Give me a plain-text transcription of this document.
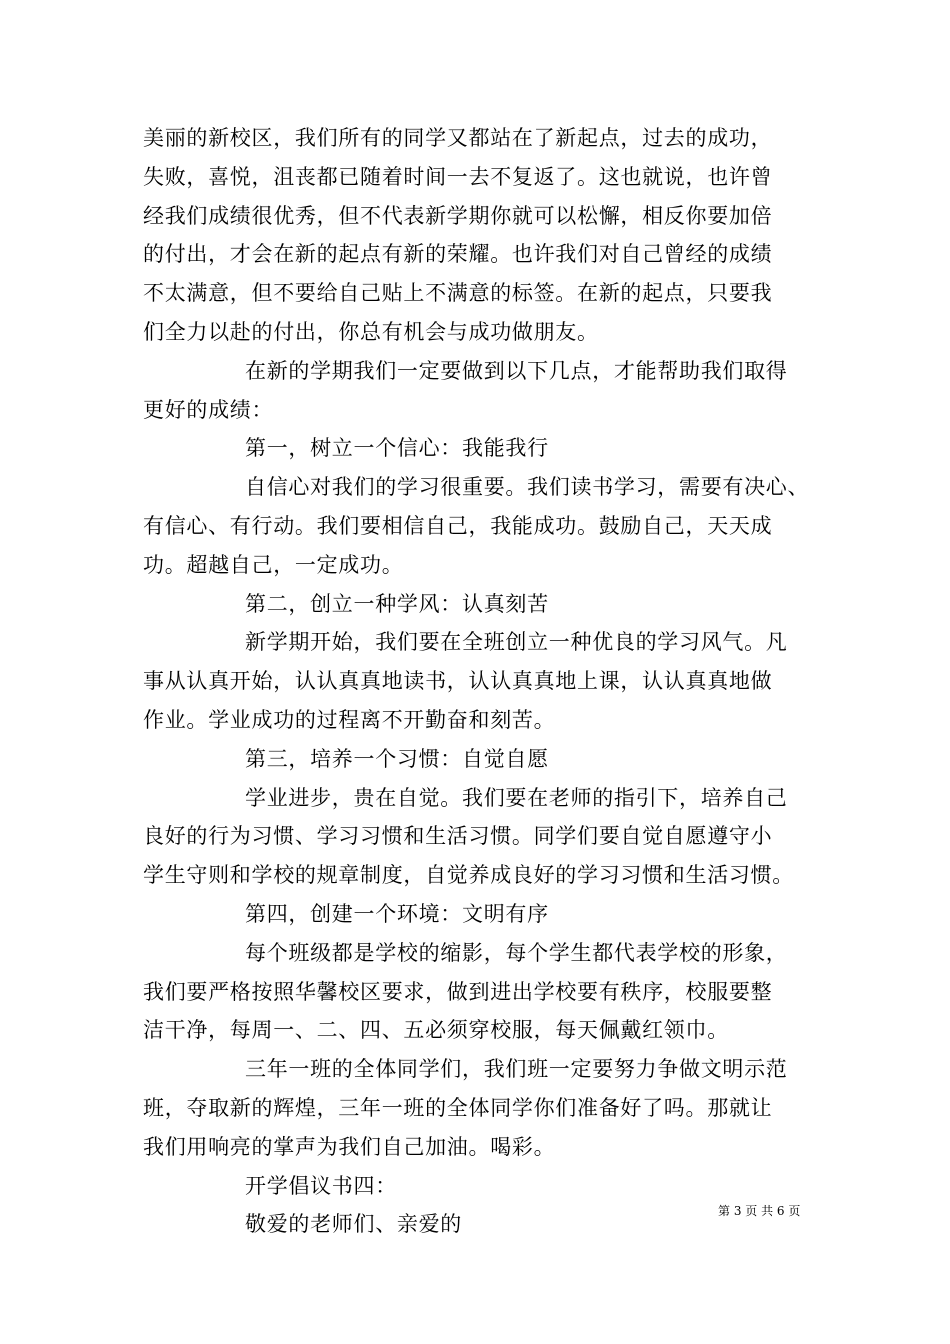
美丽的新校区，我们所有的同学又都站在了新起点，过去的成功，
失败，喜悦，沮丧都已随着时间一去不复返了。这也就说，也许曾
经我们成绩很优秀，但不代表新学期你就可以松懈，相反你要加倍
的付出，才会在新的起点有新的荣耀。也许我们对自己曾经的成绩
不太满意，但不要给自己贴上不满意的标签。在新的起点，只要我
们全力以赴的付出，你总有机会与成功做朋友。
在新的学期我们一定要做到以下几点，才能帮助我们取得
更好的成绩：
第一，树立一个信心：我能我行
自信心对我们的学习很重要。我们读书学习，需要有决心、
有信心、有行动。我们要相信自己，我能成功。鼓励自己，天天成
功。超越自己，一定成功。
第二，创立一种学风：认真刻苦
新学期开始，我们要在全班创立一种优良的学习风气。凡
事从认真开始，认认真真地读书，认认真真地上课，认认真真地做
作业。学业成功的过程离不开勤奋和刻苦。
第三，培养一个习惯：自觉自愿
学业进步，贵在自觉。我们要在老师的指引下，培养自己
良好的行为习惯、学习习惯和生活习惯。同学们要自觉自愿遵守小
学生守则和学校的规章制度，自觉养成良好的学习习惯和生活习惯。
第四，创建一个环境：文明有序
每个班级都是学校的缩影，每个学生都代表学校的形象，
我们要严格按照华馨校区要求，做到进出学校要有秩序，校服要整
洁干净，每周一、二、四、五必须穿校服，每天佩戴红领巾。
三年一班的全体同学们，我们班一定要努力争做文明示范
班，夺取新的辉煌，三年一班的全体同学你们准备好了吗。那就让
我们用响亮的掌声为我们自己加油。喝彩。
开学倡议书四：
敬爱的老师们、亲爱的
第 3 页 共 6 页
